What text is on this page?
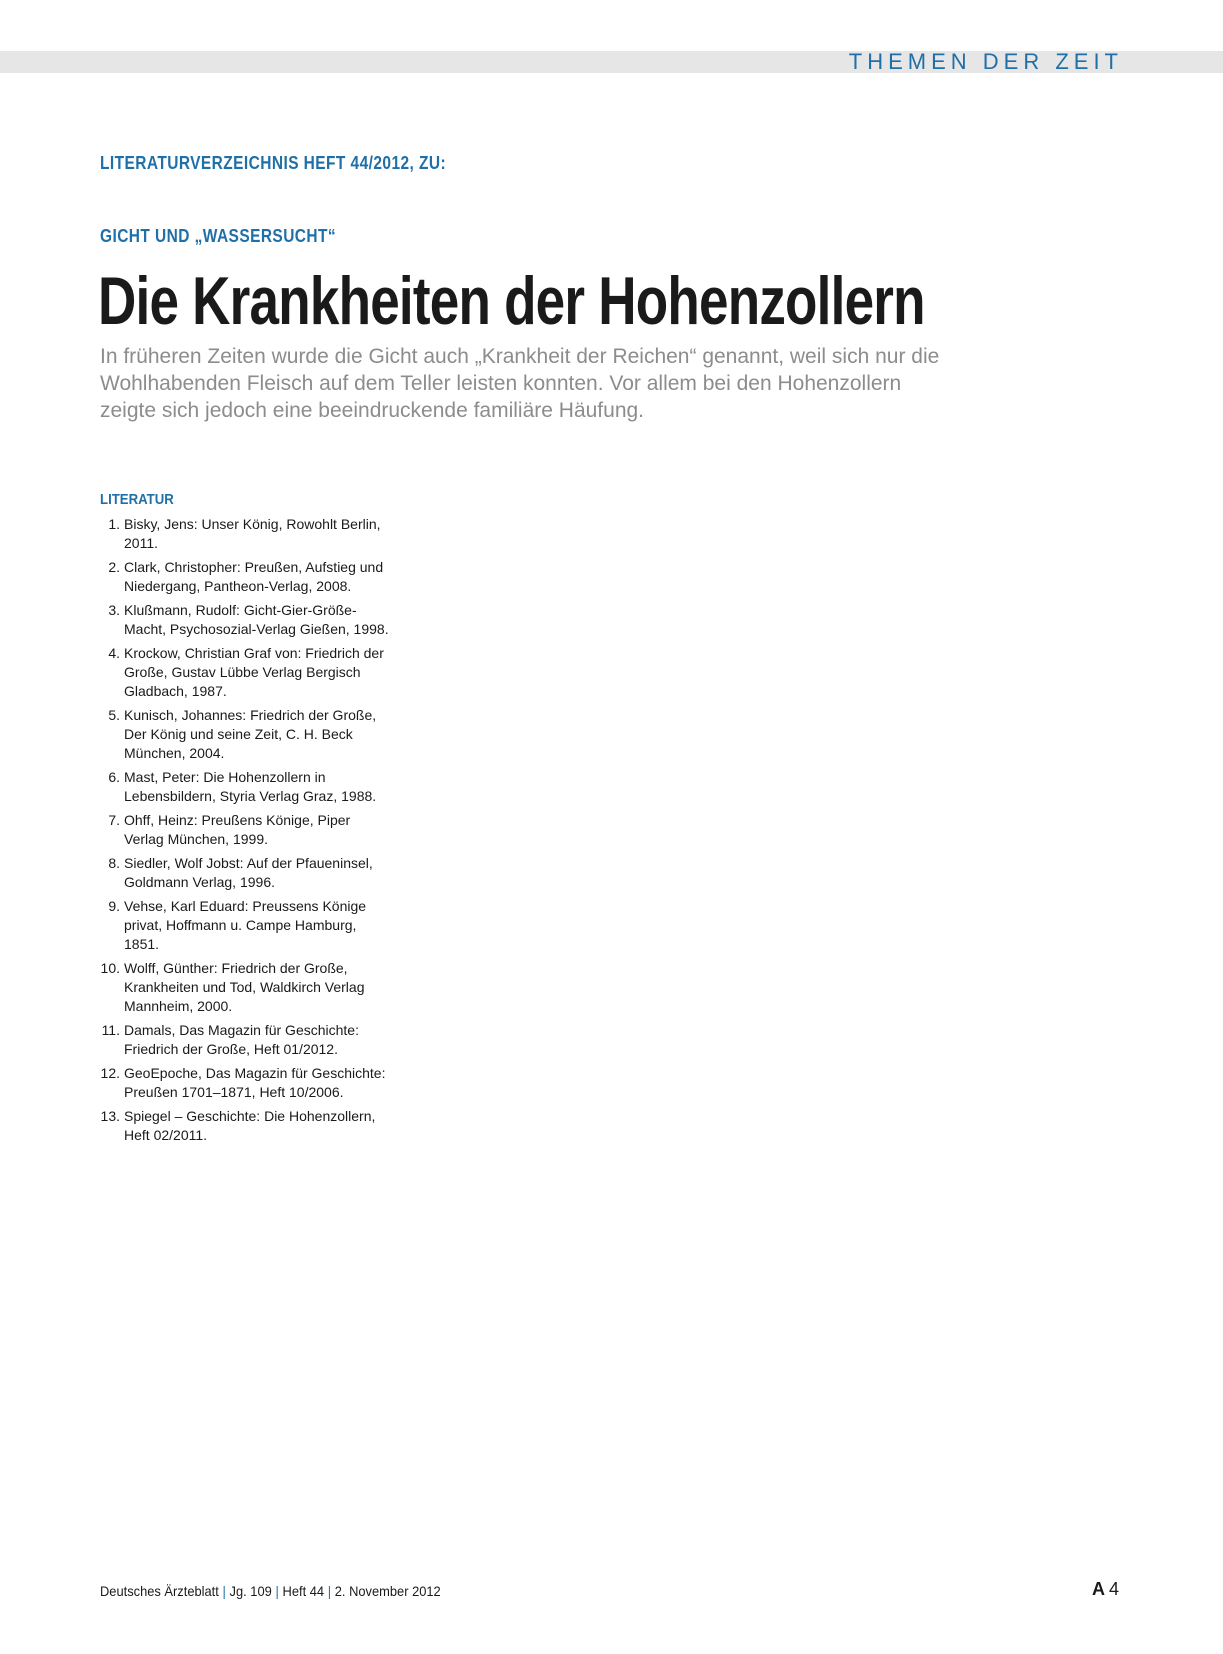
THEMEN DER ZEIT
LITERATURVERZEICHNIS HEFT 44/2012, ZU:
GICHT UND „WASSERSUCHT“
Die Krankheiten der Hohenzollern

In früheren Zeiten wurde die Gicht auch „Krankheit der Reichen“ genannt, weil sich nur die Wohlhabenden Fleisch auf dem Teller leisten konnten. Vor allem bei den Hohenzollern zeigte sich jedoch eine beeindruckende familiäre Häufung.

LITERATUR
1. Bisky, Jens: Unser König, Rowohlt Berlin, 2011.
2. Clark, Christopher: Preußen, Aufstieg und Niedergang, Pantheon-Verlag, 2008.
3. Klußmann, Rudolf: Gicht-Gier-Größe-Macht, Psychosozial-Verlag Gießen, 1998.
4. Krockow, Christian Graf von: Friedrich der Große, Gustav Lübbe Verlag Bergisch Gladbach, 1987.
5. Kunisch, Johannes: Friedrich der Große, Der König und seine Zeit, C. H. Beck München, 2004.
6. Mast, Peter: Die Hohenzollern in Lebensbildern, Styria Verlag Graz, 1988.
7. Ohff, Heinz: Preußens Könige, Piper Verlag München, 1999.
8. Siedler, Wolf Jobst: Auf der Pfaueninsel, Goldmann Verlag, 1996.
9. Vehse, Karl Eduard: Preussens Könige privat, Hoffmann u. Campe Hamburg, 1851.
10. Wolff, Günther: Friedrich der Große, Krankheiten und Tod, Waldkirch Verlag Mannheim, 2000.
11. Damals, Das Magazin für Geschichte: Friedrich der Große, Heft 01/2012.
12. GeoEpoche, Das Magazin für Geschichte: Preußen 1701–1871, Heft 10/2006.
13. Spiegel – Geschichte: Die Hohenzollern, Heft 02/2011.
Deutsches Ärzteblatt | Jg. 109 | Heft 44 | 2. November 2012	A 4
